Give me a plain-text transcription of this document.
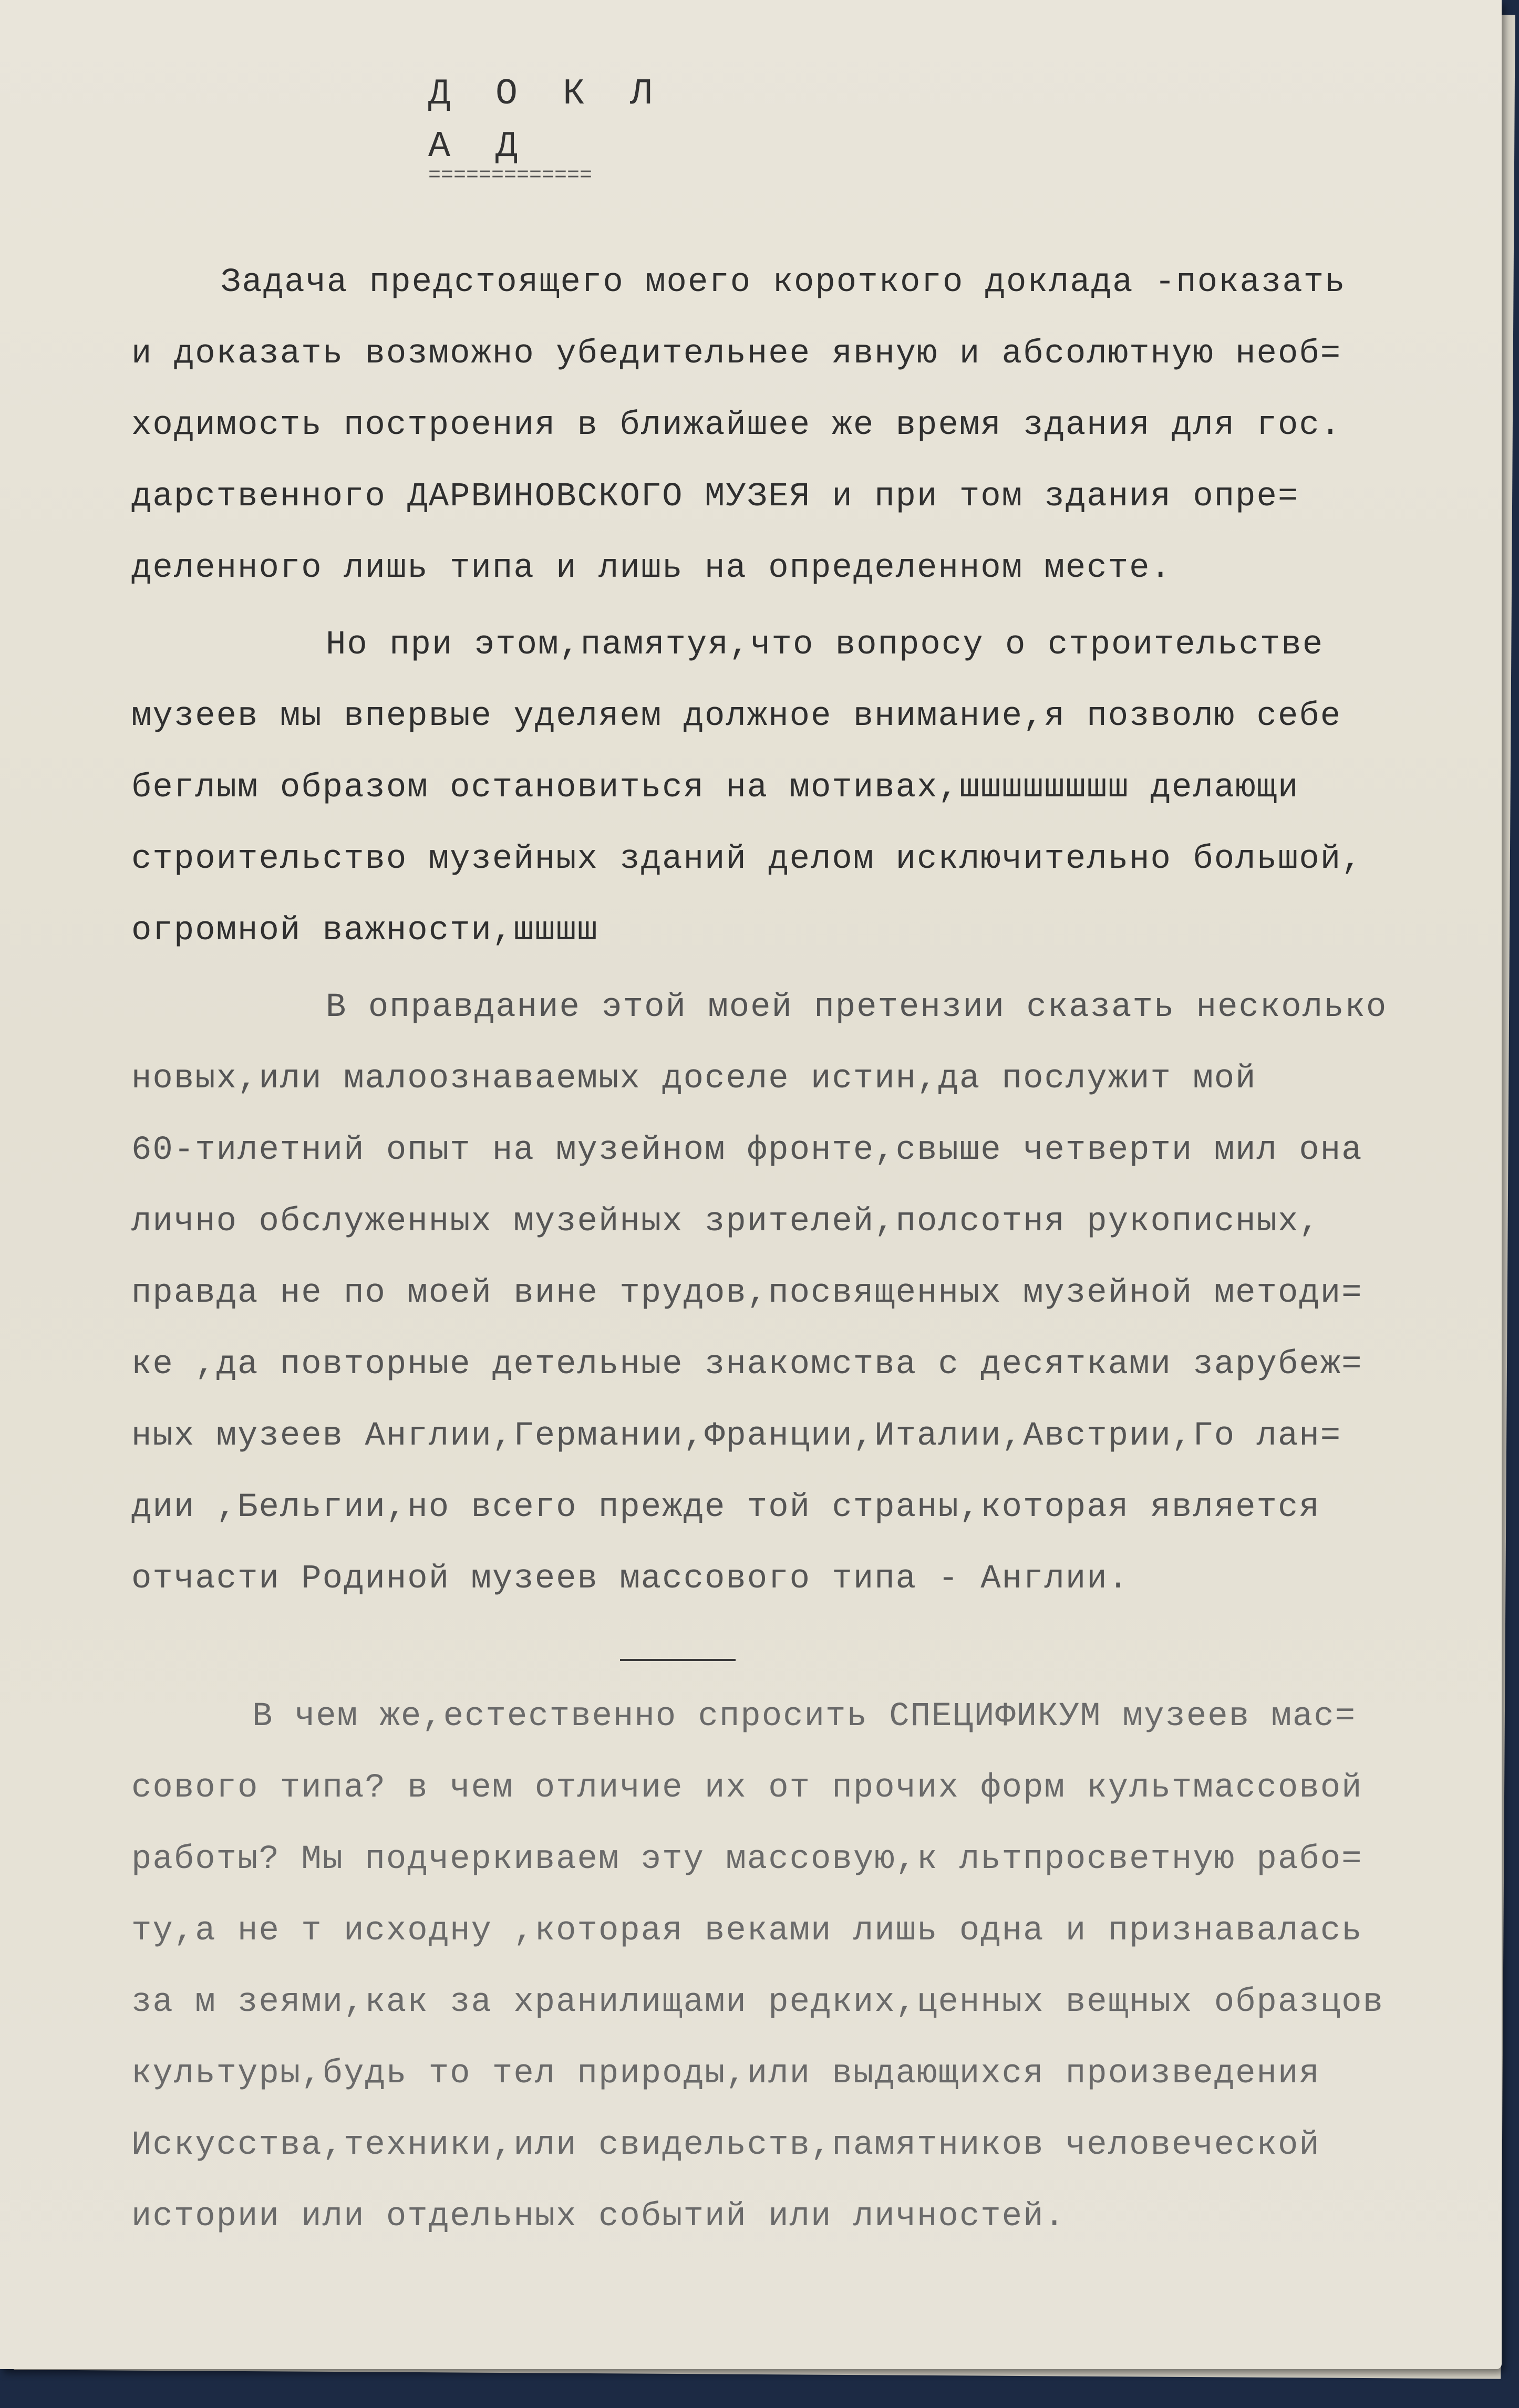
Д О К Л А Д
=============
Задача предстоящего моего короткого доклада -показать
и доказать возможно убедительнее явную и абсолютную необ=
ходимость построения в ближайшее же время здания для гос.
дарственного ДАРВИНОВСКОГО МУЗЕЯ и при том здания опре=
деленного лишь типа и лишь на определенном месте.
Но при этом,памятуя,что вопросу о строительстве
музеев мы впервые уделяем должное внимание,я позволю себе
беглым образом остановиться на мотивах,шшшшшшшш делающи
строительство музейных зданий делом исключительно большой,
огромной важности,шшшш
В оправдание этой моей претензии сказать несколько
новых,или малоознаваемых доселе истин,да послужит мой
60-тилетний опыт на музейном фронте,свыше четверти мил она
лично обслуженных музейных зрителей,полсотня рукописных,
правда не по моей вине трудов,посвященных музейной методи=
ке ,да повторные детельные знакомства с десятками зарубеж=
ных музеев Англии,Германии,Франции,Италии,Австрии,Го лан=
дии ,Бельгии,но всего прежде той страны,которая является
отчасти Родиной музеев массового типа - Англии.
В чем же,естественно спросить СПЕЦИФИКУМ музеев мас=
сового типа? в чем отличие их от прочих форм культмассовой
работы? Мы подчеркиваем эту массовую,к льтпросветную рабо=
ту,а не т исходну ,которая веками лишь одна и признавалась
за м зеями,как за хранилищами редких,ценных вещных образцов
культуры,будь то тел природы,или выдающихся произведения
Искусства,техники,или свидельств,памятников человеческой
истории или отдельных событий или личностей.
